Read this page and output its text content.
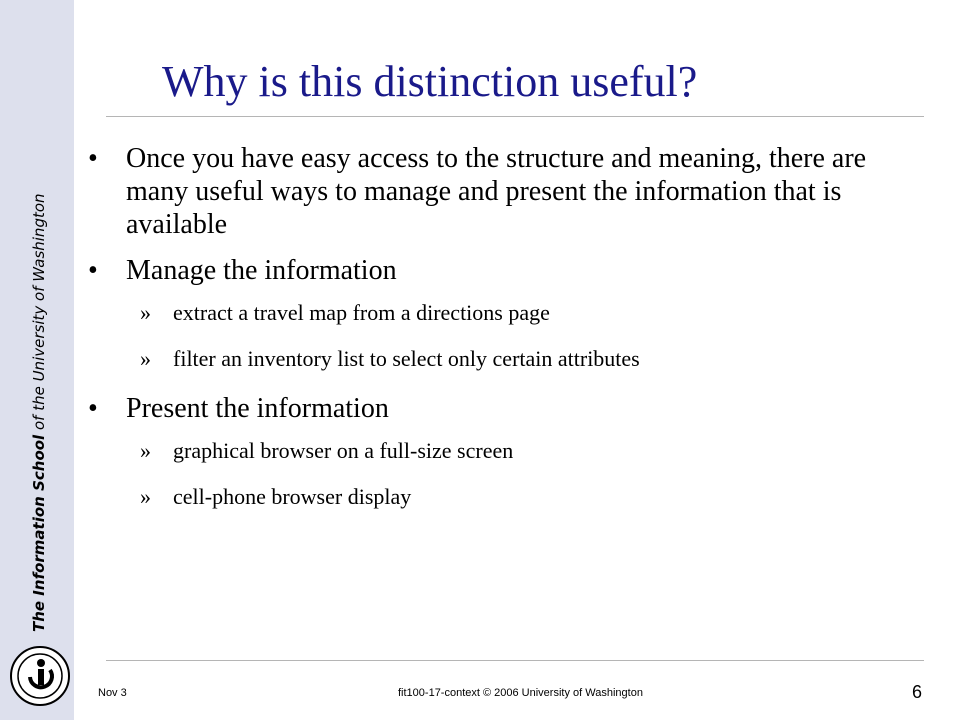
The Information School of the University of Washington
Why is this distinction useful?
• Once you have easy access to the structure and meaning, there are many useful ways to manage and present the information that is available
• Manage the information
» extract a travel map from a directions page
» filter an inventory list to select only certain attributes
• Present the information
» graphical browser on a full-size screen
» cell-phone browser display
Nov 3	fit100-17-context © 2006 University of Washington	6
